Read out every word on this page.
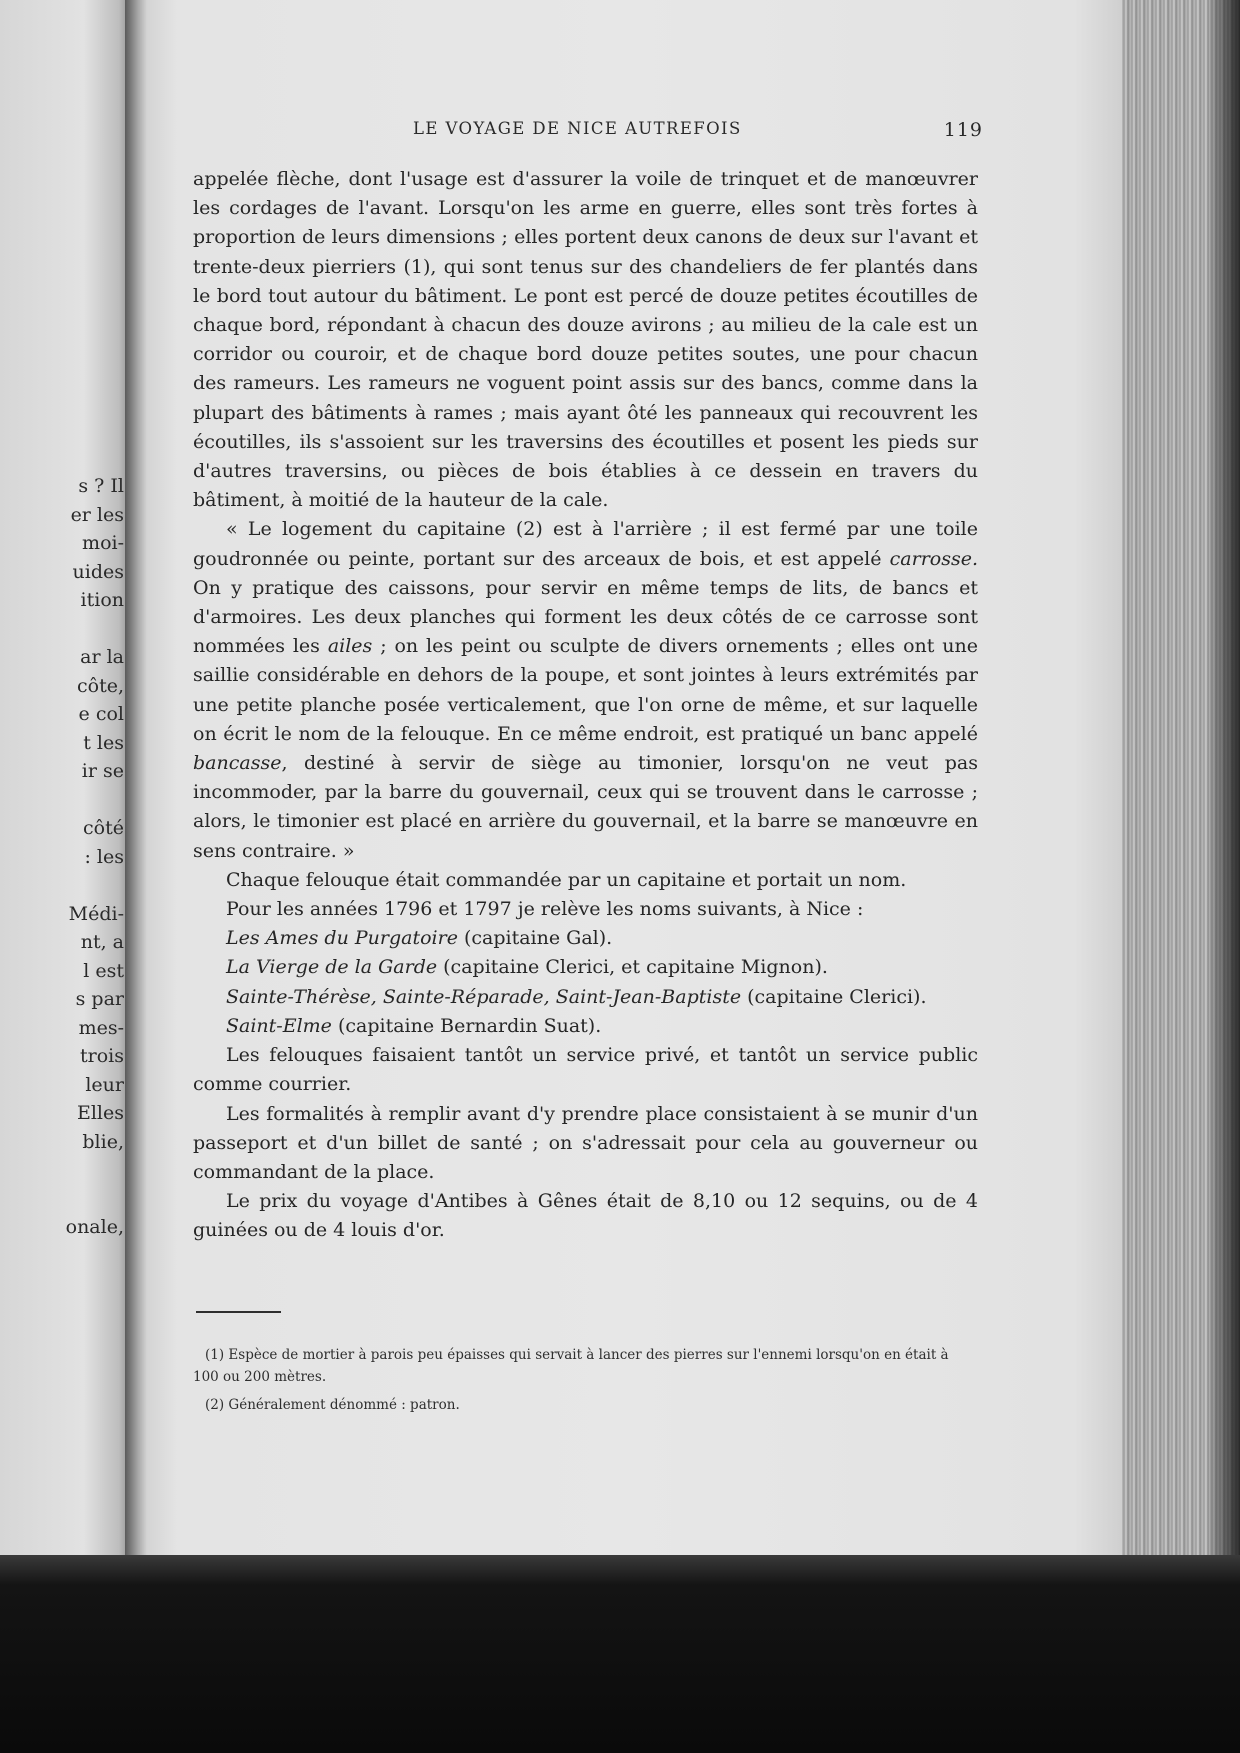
s ? Il
er les
moi-
uides
ition
ar la
côte,
e col
t les
ir se
côté
: les
Médi-
nt, a
l est
s par
mes-
trois
leur
Elles
blie,
onale,
LE VOYAGE DE NICE AUTREFOIS	119

appelée flèche, dont l'usage est d'assurer la voile de trinquet et de manœuvrer les cordages de l'avant. Lorsqu'on les arme en guerre, elles sont très fortes à proportion de leurs dimensions ; elles portent deux canons de deux sur l'avant et trente-deux pierriers (1), qui sont tenus sur des chandeliers de fer plantés dans le bord tout autour du bâtiment. Le pont est percé de douze petites écoutilles de chaque bord, répondant à chacun des douze avirons ; au milieu de la cale est un corridor ou couroir, et de chaque bord douze petites soutes, une pour chacun des rameurs. Les rameurs ne voguent point assis sur des bancs, comme dans la plupart des bâtiments à rames ; mais ayant ôté les panneaux qui recouvrent les écoutilles, ils s'assoient sur les traversins des écoutilles et posent les pieds sur d'autres traversins, ou pièces de bois établies à ce dessein en travers du bâtiment, à moitié de la hauteur de la cale.

« Le logement du capitaine (2) est à l'arrière ; il est fermé par une toile goudronnée ou peinte, portant sur des arceaux de bois, et est appelé carrosse. On y pratique des caissons, pour servir en même temps de lits, de bancs et d'armoires. Les deux planches qui forment les deux côtés de ce carrosse sont nommées les ailes ; on les peint ou sculpte de divers ornements ; elles ont une saillie considérable en dehors de la poupe, et sont jointes à leurs extrémités par une petite planche posée verticalement, que l'on orne de même, et sur laquelle on écrit le nom de la felouque. En ce même endroit, est pratiqué un banc appelé bancasse, destiné à servir de siège au timonier, lorsqu'on ne veut pas incommoder, par la barre du gouvernail, ceux qui se trouvent dans le carrosse ; alors, le timonier est placé en arrière du gouvernail, et la barre se manœuvre en sens contraire. »

Chaque felouque était commandée par un capitaine et portait un nom.

Pour les années 1796 et 1797 je relève les noms suivants, à Nice :

Les Ames du Purgatoire (capitaine Gal).

La Vierge de la Garde (capitaine Clerici, et capitaine Mignon).

Sainte-Thérèse, Sainte-Réparade, Saint-Jean-Baptiste (capitaine Clerici).

Saint-Elme (capitaine Bernardin Suat).

Les felouques faisaient tantôt un service privé, et tantôt un service public comme courrier.

Les formalités à remplir avant d'y prendre place consistaient à se munir d'un passeport et d'un billet de santé ; on s'adressait pour cela au gouverneur ou commandant de la place.

Le prix du voyage d'Antibes à Gênes était de 8,10 ou 12 sequins, ou de 4 guinées ou de 4 louis d'or.

(1) Espèce de mortier à parois peu épaisses qui servait à lancer des pierres sur l'ennemi lorsqu'on en était à 100 ou 200 mètres.

(2) Généralement dénommé : patron.
